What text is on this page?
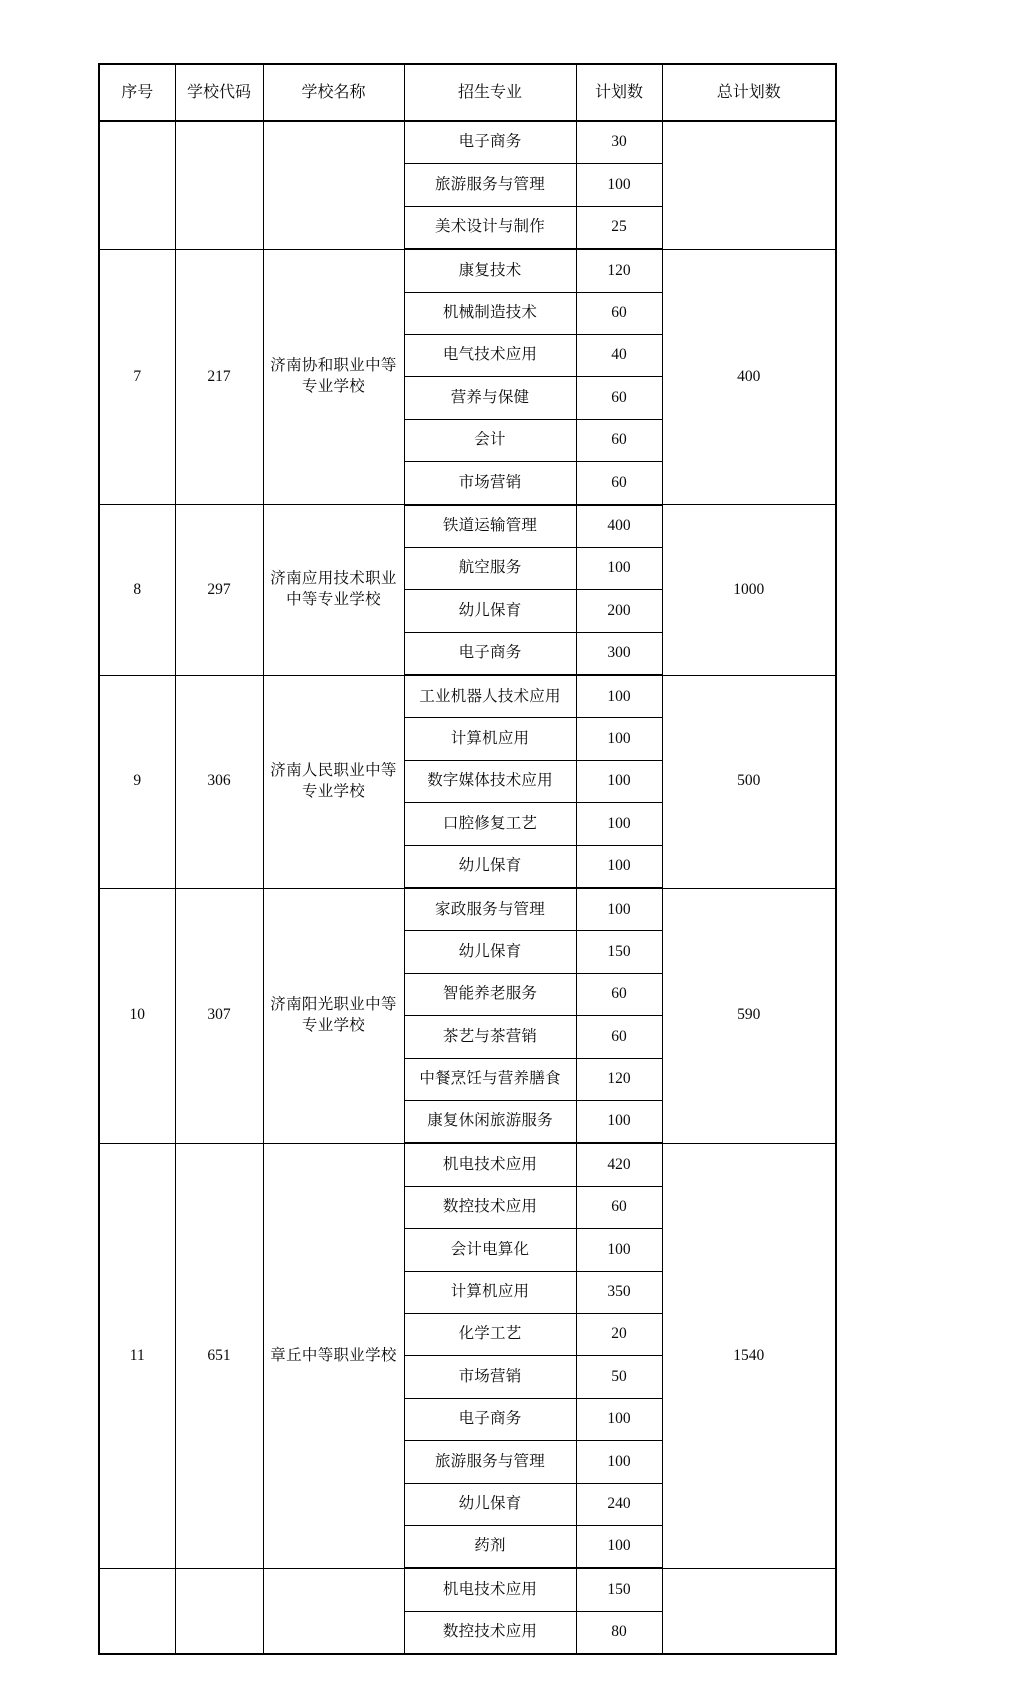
序号	学校代码	学校名称	招生专业	计划数	总计划数
			电子商务	30	
			旅游服务与管理	100	
			美术设计与制作	25	
7	217	济南协和职业中等专业学校	康复技术	120	400
			机械制造技术	60	
			电气技术应用	40	
			营养与保健	60	
			会计	60	
			市场营销	60	
8	297	济南应用技术职业中等专业学校	铁道运输管理	400	1000
			航空服务	100	
			幼儿保育	200	
			电子商务	300	
9	306	济南人民职业中等专业学校	工业机器人技术应用	100	500
			计算机应用	100	
			数字媒体技术应用	100	
			口腔修复工艺	100	
			幼儿保育	100	
10	307	济南阳光职业中等专业学校	家政服务与管理	100	590
			幼儿保育	150	
			智能养老服务	60	
			茶艺与茶营销	60	
			中餐烹饪与营养膳食	120	
			康复休闲旅游服务	100	
11	651	章丘中等职业学校	机电技术应用	420	1540
			数控技术应用	60	
			会计电算化	100	
			计算机应用	350	
			化学工艺	20	
			市场营销	50	
			电子商务	100	
			旅游服务与管理	100	
			幼儿保育	240	
			药剂	100	
			机电技术应用	150	
			数控技术应用	80	
